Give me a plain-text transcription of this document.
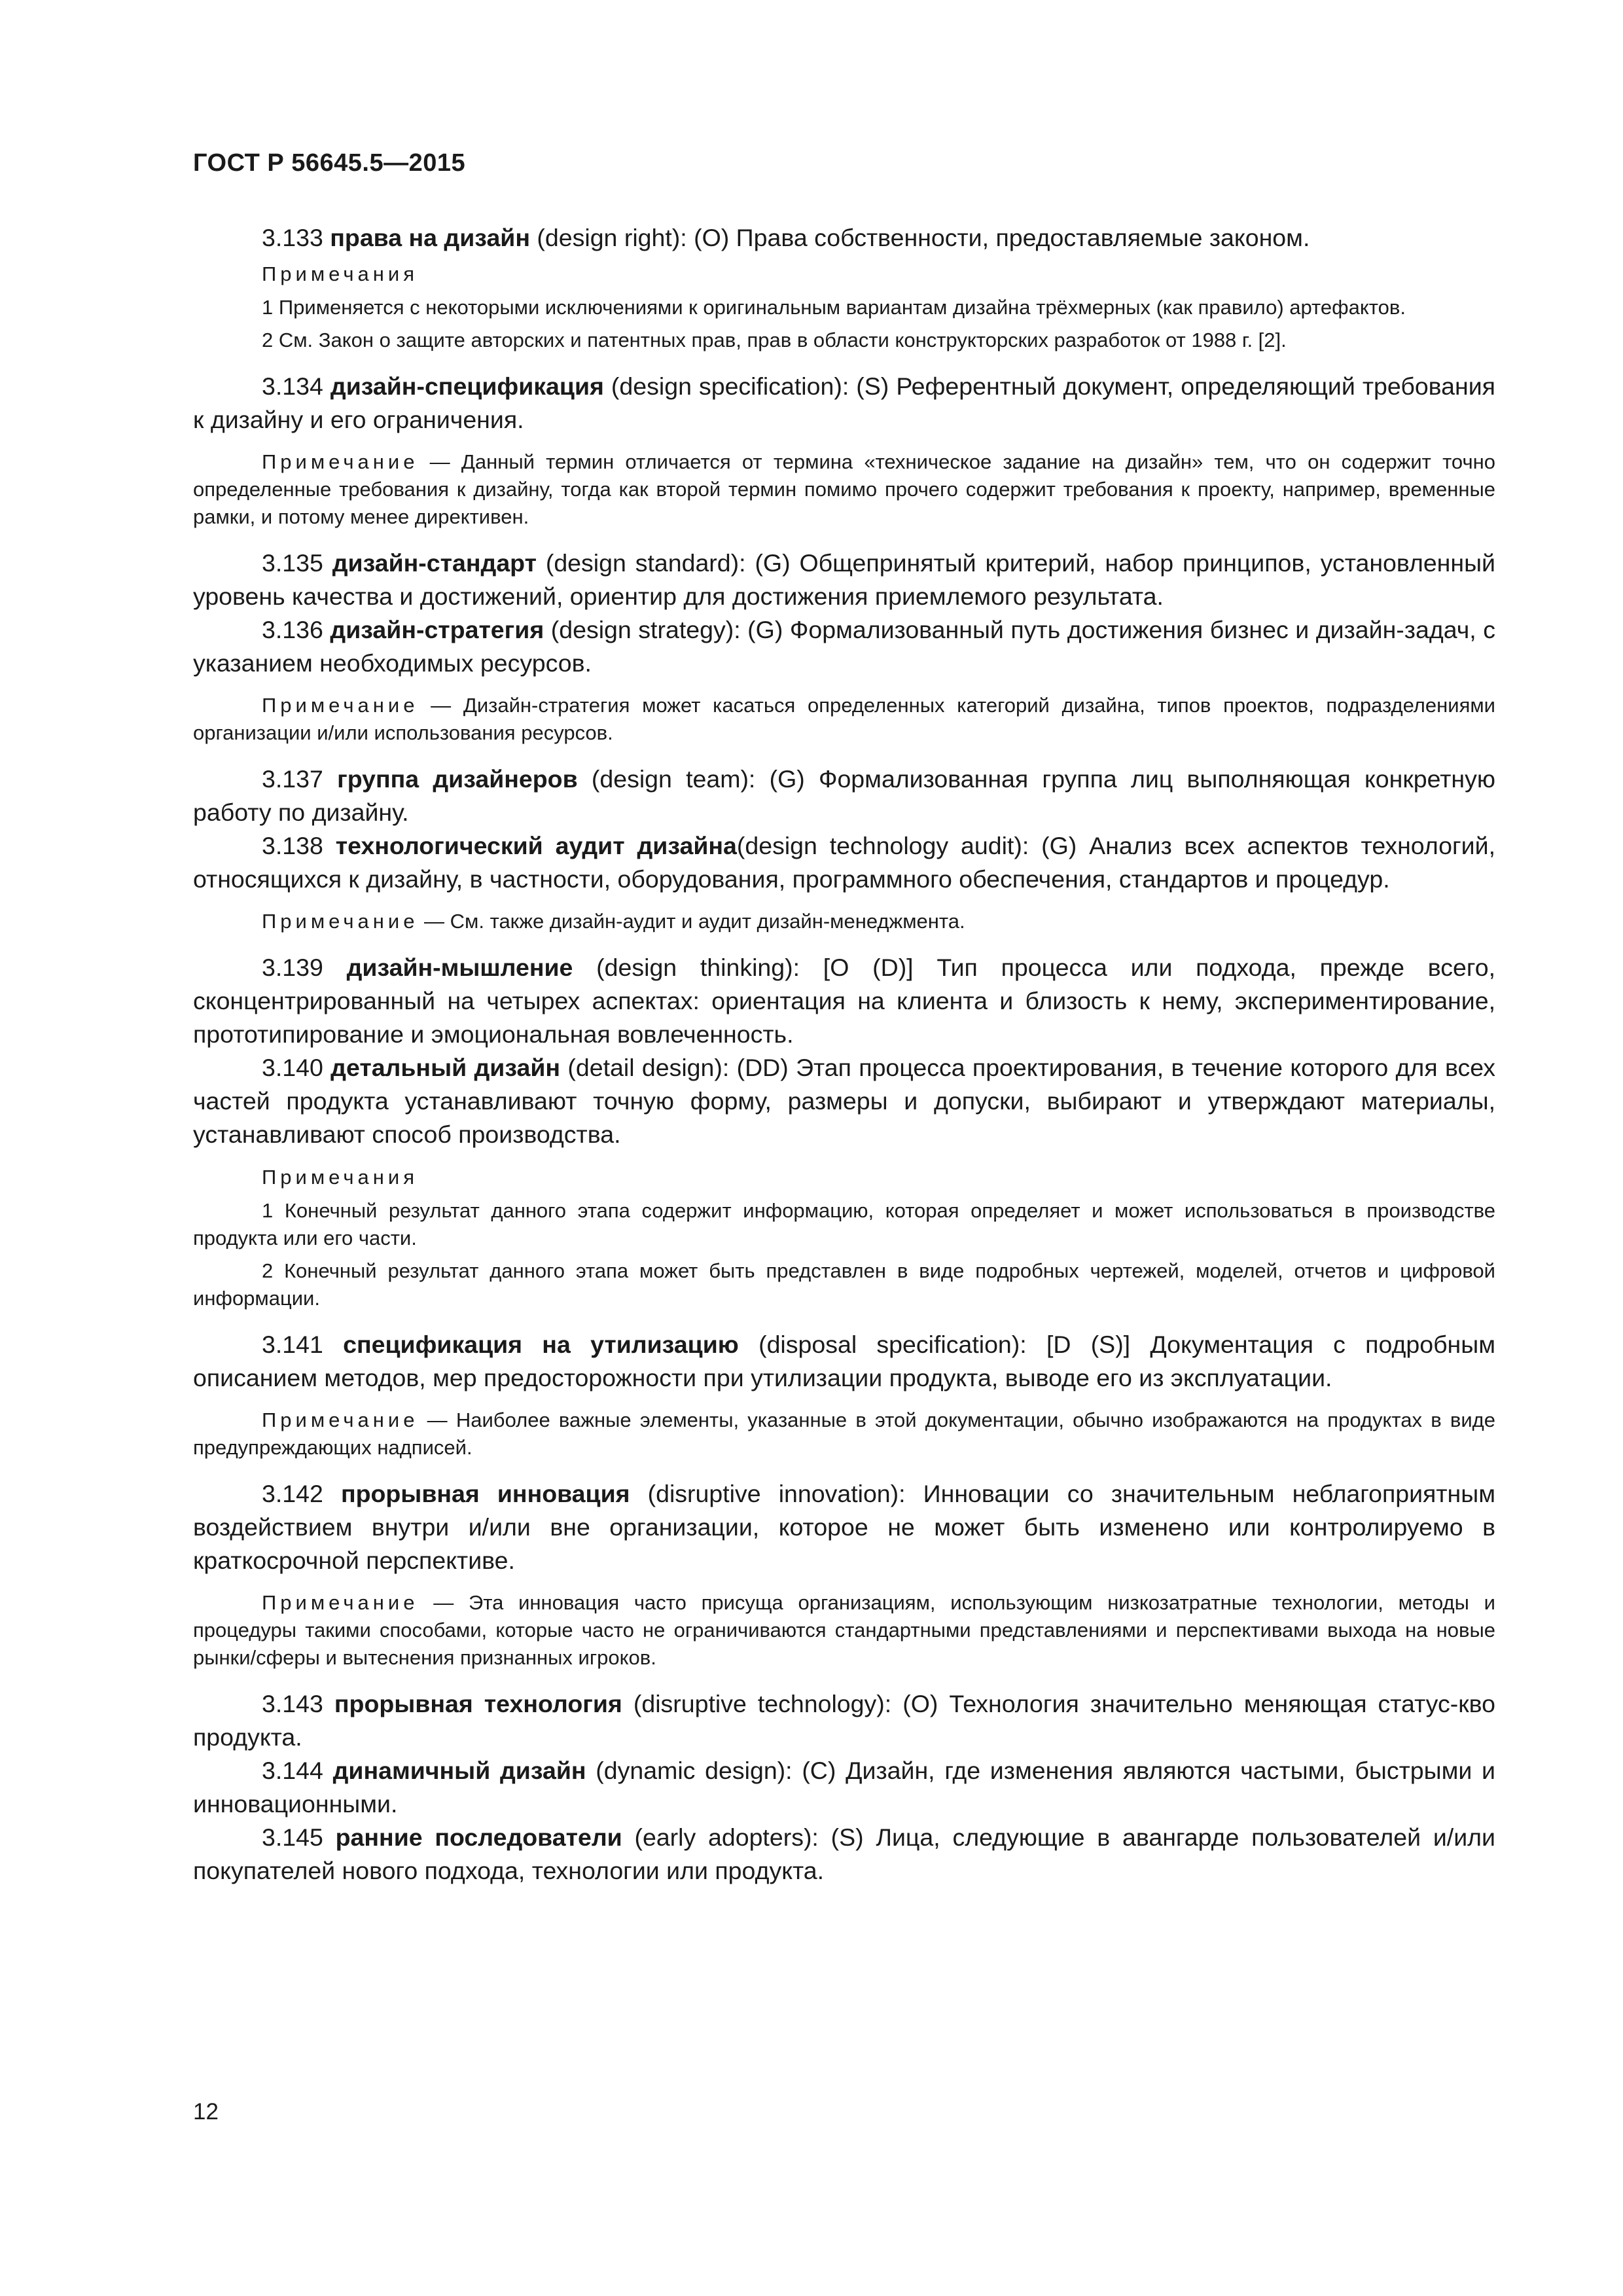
ГОСТ Р 56645.5—2015

3.133 права на дизайн (design right): (O) Права собственности, предоставляемые законом.

Примечания

1 Применяется с некоторыми исключениями к оригинальным вариантам дизайна трёхмерных (как правило) артефактов.

2 См. Закон о защите авторских и патентных прав, прав в области конструкторских разработок от 1988 г. [2].

3.134 дизайн-спецификация (design specification): (S) Референтный документ, определяющий требования к дизайну и его ограничения.

Примечание — Данный термин отличается от термина «техническое задание на дизайн» тем, что он содержит точно определенные требования к дизайну, тогда как второй термин помимо прочего содержит требования к проекту, например, временные рамки, и потому менее директивен.

3.135 дизайн-стандарт (design standard): (G) Общепринятый критерий, набор принципов, установленный уровень качества и достижений, ориентир для достижения приемлемого результата.

3.136 дизайн-стратегия (design strategy): (G) Формализованный путь достижения бизнес и дизайн-задач, с указанием необходимых ресурсов.

Примечание — Дизайн-стратегия может касаться определенных категорий дизайна, типов проектов, подразделениями организации и/или использования ресурсов.

3.137 группа дизайнеров (design team): (G) Формализованная группа лиц выполняющая конкретную работу по дизайну.

3.138 технологический аудит дизайна(design technology audit): (G) Анализ всех аспектов технологий, относящихся к дизайну, в частности, оборудования, программного обеспечения, стандартов и процедур.

Примечание — См. также дизайн-аудит и аудит дизайн-менеджмента.

3.139 дизайн-мышление (design thinking): [O (D)] Тип процесса или подхода, прежде всего, сконцентрированный на четырех аспектах: ориентация на клиента и близость к нему, экспериментирование, прототипирование и эмоциональная вовлеченность.

3.140 детальный дизайн (detail design): (DD) Этап процесса проектирования, в течение которого для всех частей продукта устанавливают точную форму, размеры и допуски, выбирают и утверждают материалы, устанавливают способ производства.

Примечания

1 Конечный результат данного этапа содержит информацию, которая определяет и может использоваться в производстве продукта или его части.

2 Конечный результат данного этапа может быть представлен в виде подробных чертежей, моделей, отчетов и цифровой информации.

3.141 спецификация на утилизацию (disposal specification): [D (S)] Документация с подробным описанием методов, мер предосторожности при утилизации продукта, выводе его из эксплуатации.

Примечание — Наиболее важные элементы, указанные в этой документации, обычно изображаются на продуктах в виде предупреждающих надписей.

3.142 прорывная инновация (disruptive innovation): Инновации со значительным неблагоприятным воздействием внутри и/или вне организации, которое не может быть изменено или контролируемо в краткосрочной перспективе.

Примечание — Эта инновация часто присуща организациям, использующим низкозатратные технологии, методы и процедуры такими способами, которые часто не ограничиваются стандартными представлениями и перспективами выхода на новые рынки/сферы и вытеснения признанных игроков.

3.143 прорывная технология (disruptive technology): (O) Технология значительно меняющая статус-кво продукта.

3.144 динамичный дизайн (dynamic design): (C) Дизайн, где изменения являются частыми, быстрыми и инновационными.

3.145 ранние последователи (early adopters): (S) Лица, следующие в авангарде пользователей и/или покупателей нового подхода, технологии или продукта.

12
